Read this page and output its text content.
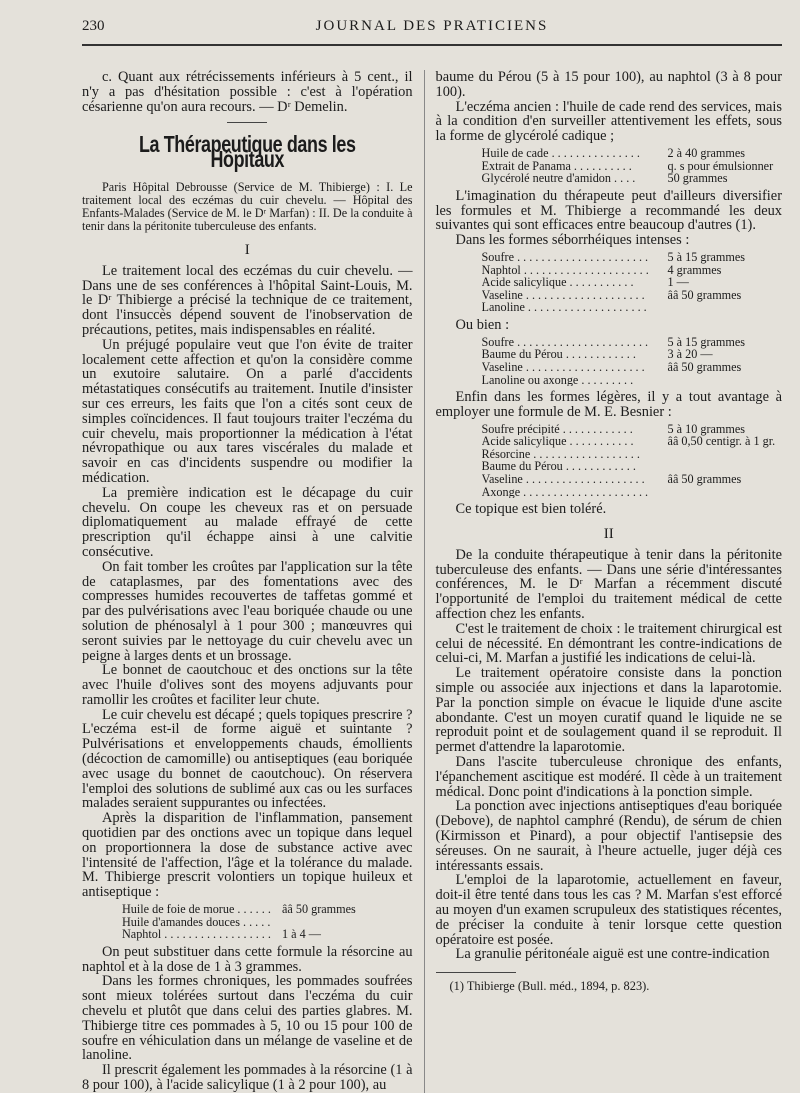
230	JOURNAL DES PRATICIENS

c. Quant aux rétrécissements inférieurs à 5 cent., il n'y a pas d'hésitation possible : c'est à l'opération césarienne qu'on aura recours. — Dʳ Demelin.

La Thérapeutique dans les Hôpitaux

Paris Hôpital Debrousse (Service de M. Thibierge) : I. Le traitement local des eczémas du cuir chevelu. — Hôpital des Enfants-Malades (Service de M. le Dʳ Marfan) : II. De la conduite à tenir dans la péritonite tuberculeuse des enfants.

I

Le traitement local des eczémas du cuir chevelu. — Dans une de ses conférences à l'hôpital Saint-Louis, M. le Dʳ Thibierge a précisé la technique de ce traitement, dont l'insuccès dépend souvent de l'inobservation de précautions, petites, mais indispensables en réalité.

Un préjugé populaire veut que l'on évite de traiter localement cette affection et qu'on la considère comme un exutoire salutaire. On a parlé d'accidents métastatiques consécutifs au traitement. Inutile d'insister sur ces erreurs, les faits que l'on a cités sont ceux de simples coïncidences. Il faut toujours traiter l'eczéma du cuir chevelu, mais proportionner la médication à l'état névropathique ou aux tares viscérales du malade et savoir en cas d'incidents suspendre ou modifier la médication.

La première indication est le décapage du cuir chevelu. On coupe les cheveux ras et on persuade diplomatiquement au malade effrayé de cette prescription qu'il échappe ainsi à une calvitie consécutive.

On fait tomber les croûtes par l'application sur la tête de cataplasmes, par des fomentations avec des compresses humides recouvertes de taffetas gommé et par des pulvérisations avec l'eau boriquée chaude ou une solution de phénosalyl à 1 pour 300 ; manœuvres qui seront suivies par le nettoyage du cuir chevelu avec un peigne à larges dents et un brossage.

Le bonnet de caoutchouc et des onctions sur la tête avec l'huile d'olives sont des moyens adjuvants pour ramollir les croûtes et faciliter leur chute.

Le cuir chevelu est décapé ; quels topiques prescrire ? L'eczéma est-il de forme aiguë et suintante ? Pulvérisations et enveloppements chauds, émollients (décoction de camomille) ou antiseptiques (eau boriquée avec usage du bonnet de caoutchouc). On réservera l'emploi des solutions de sublimé aux cas ou les surfaces malades seraient suppurantes ou infectées.

Après la disparition de l'inflammation, pansement quotidien par des onctions avec un topique dans lequel on proportionnera la dose de substance active avec l'intensité de l'affection, l'âge et la tolérance du malade. M. Thibierge prescrit volontiers un topique huileux et antiseptique :

Huile de foie de morue . . . . . . ââ 50 grammes
Huile d'amandes douces . . . . .
Naphtol . . . . . . . . . . . . . . . . . . 1 à 4 —

On peut substituer dans cette formule la résorcine au naphtol et à la dose de 1 à 3 grammes.

Dans les formes chroniques, les pommades soufrées sont mieux tolérées surtout dans l'eczéma du cuir chevelu et plutôt que dans celui des parties glabres. M. Thibierge titre ces pommades à 5, 10 ou 15 pour 100 de soufre en véhiculation dans un mélange de vaseline et de lanoline.

Il prescrit également les pommades à la résorcine (1 à 8 pour 100), à l'acide salicylique (1 à 2 pour 100), au

baume du Pérou (5 à 15 pour 100), au naphtol (3 à 8 pour 100).

L'eczéma ancien : l'huile de cade rend des services, mais à la condition d'en surveiller attentivement les effets, sous la forme de glycérolé cadique ;

Huile de cade . . . . . . . . . . . . . . .	2 à 40 grammes
Extrait de Panama . . . . . . . . . .	q. s pour émulsionner
Glycérolé neutre d'amidon . . . .	50 grammes

L'imagination du thérapeute peut d'ailleurs diversifier les formules et M. Thibierge a recommandé les deux suivantes qui sont efficaces entre beaucoup d'autres (1).

Dans les formes séborrhéiques intenses :

Soufre . . . . . . . . . . . . . . . . . . . . . .	5 à 15 grammes
Naphtol . . . . . . . . . . . . . . . . . . . . .	4 grammes
Acide salicylique . . . . . . . . . . .	1 —
Vaseline . . . . . . . . . . . . . . . . . . . .	ââ 50 grammes
Lanoline . . . . . . . . . . . . . . . . . . . .

Ou bien :

Soufre . . . . . . . . . . . . . . . . . . . . . .	5 à 15 grammes
Baume du Pérou . . . . . . . . . . . .	3 à 20 —
Vaseline . . . . . . . . . . . . . . . . . . . .	ââ 50 grammes
Lanoline ou axonge . . . . . . . . .

Enfin dans les formes légères, il y a tout avantage à employer une formule de M. E. Besnier :

Soufre précipité . . . . . . . . . . . .	5 à 10 grammes
Acide salicylique . . . . . . . . . . .	ââ 0,50 centigr. à 1 gr.
Résorcine . . . . . . . . . . . . . . . . . .
Baume du Pérou . . . . . . . . . . . .
Vaseline . . . . . . . . . . . . . . . . . . . .	ââ 50 grammes
Axonge . . . . . . . . . . . . . . . . . . . . .

Ce topique est bien toléré.

II

De la conduite thérapeutique à tenir dans la péritonite tuberculeuse des enfants. — Dans une série d'intéressantes conférences, M. le Dʳ Marfan a récemment discuté l'opportunité de l'emploi du traitement médical de cette affection chez les enfants.

C'est le traitement de choix : le traitement chirurgical est celui de nécessité. En démontrant les contre-indications de celui-ci, M. Marfan a justifié les indications de celui-là.

Le traitement opératoire consiste dans la ponction simple ou associée aux injections et dans la laparotomie. Par la ponction simple on évacue le liquide d'une ascite abondante. C'est un moyen curatif quand le liquide ne se reproduit point et de soulagement quand il se reproduit. Il permet d'attendre la laparotomie.

Dans l'ascite tuberculeuse chronique des enfants, l'épanchement ascitique est modéré. Il cède à un traitement médical. Donc point d'indications à la ponction simple.

La ponction avec injections antiseptiques d'eau boriquée (Debove), de naphtol camphré (Rendu), de sérum de chien (Kirmisson et Pinard), a pour objectif l'antisepsie des séreuses. On ne saurait, à l'heure actuelle, juger déjà ces intéressants essais.

L'emploi de la laparotomie, actuellement en faveur, doit-il être tenté dans tous les cas ? M. Marfan s'est efforcé au moyen d'un examen scrupuleux des statistiques récentes, de préciser la conduite à tenir lorsque cette question opératoire est posée.

La granulie péritonéale aiguë est une contre-indication

(1) Thibierge (Bull. méd., 1894, p. 823).
